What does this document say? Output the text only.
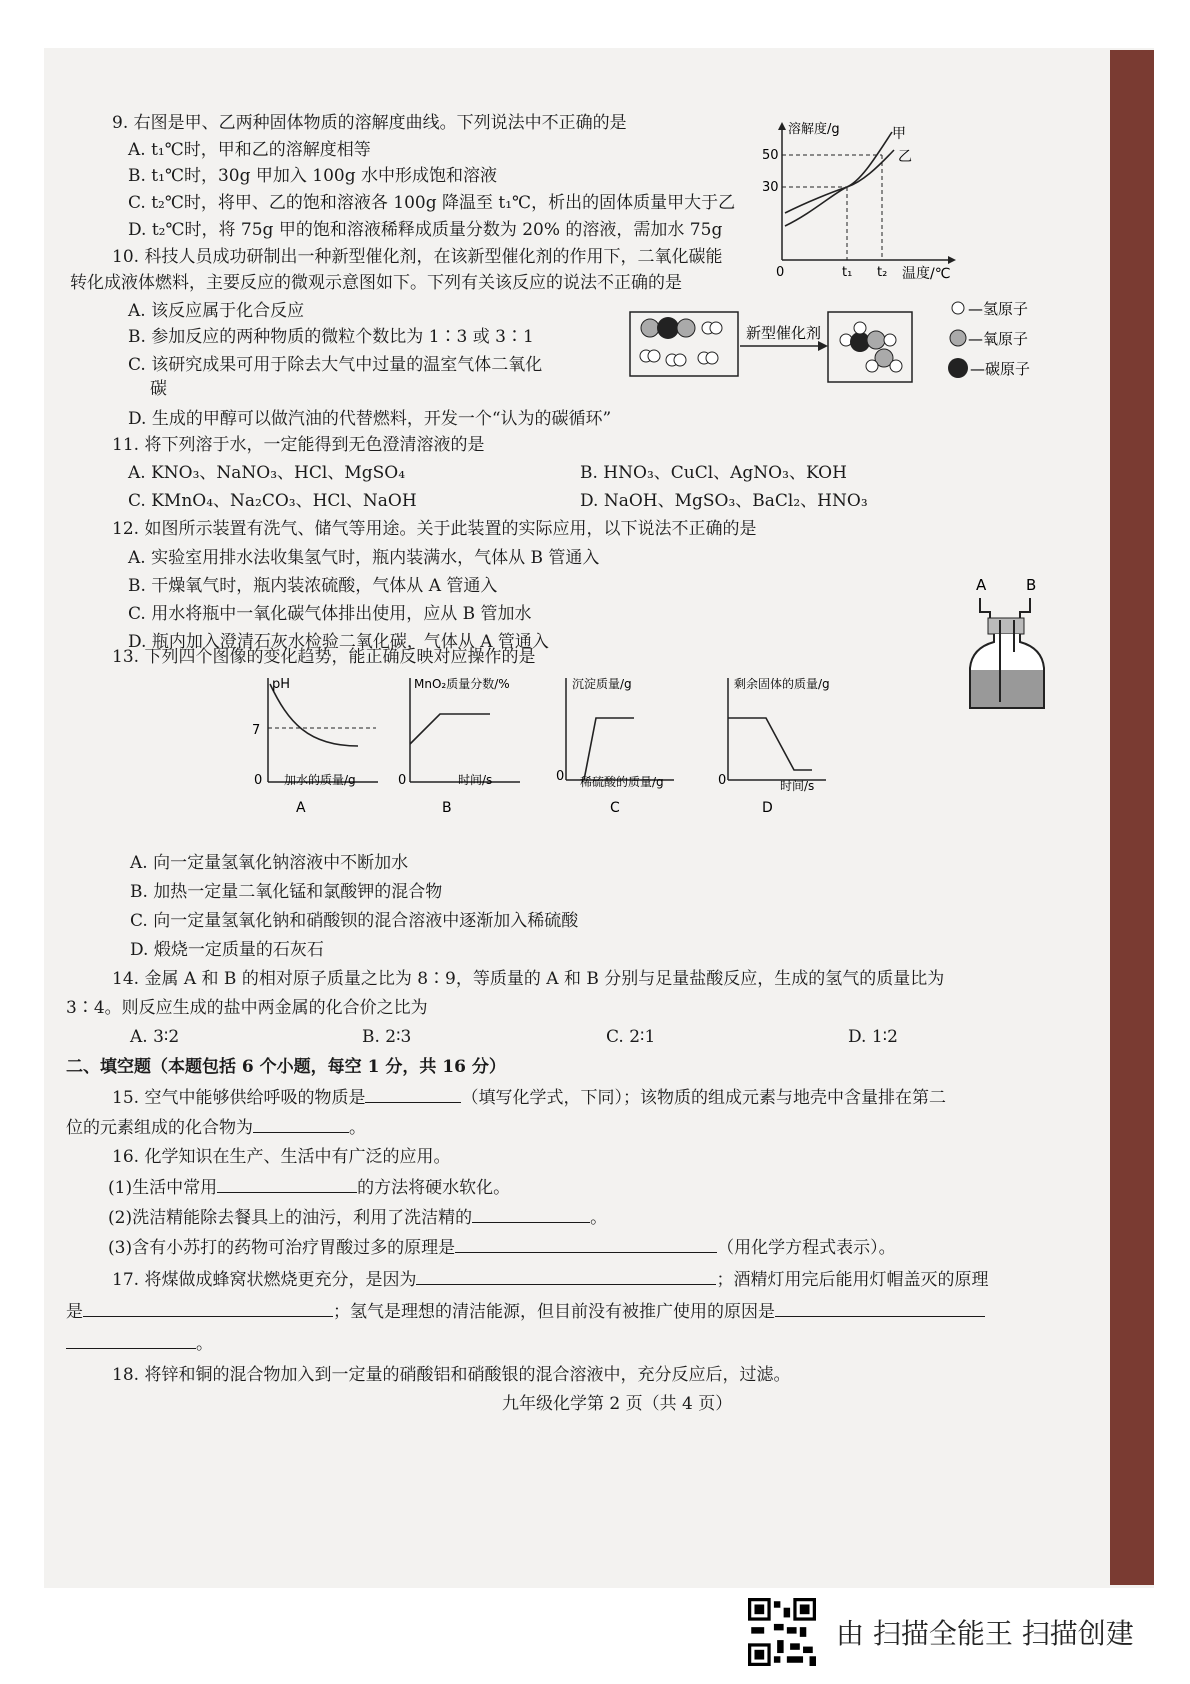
9. 右图是甲、乙两种固体物质的溶解度曲线。下列说法中不正确的是
A. t₁℃时，甲和乙的溶解度相等
B. t₁℃时，30g 甲加入 100g 水中形成饱和溶液
C. t₂℃时，将甲、乙的饱和溶液各 100g 降温至 t₁℃，析出的固体质量甲大于乙
D. t₂℃时，将 75g 甲的饱和溶液稀释成质量分数为 20% 的溶液，需加水 75g
溶解度/g
50
30
0	t₁ t₂ 温度/℃
甲
乙
10. 科技人员成功研制出一种新型催化剂，在该新型催化剂的作用下，二氧化碳能
转化成液体燃料，主要反应的微观示意图如下。下列有关该反应的说法不正确的是
A. 该反应属于化合反应
B. 参加反应的两种物质的微粒个数比为 1∶3 或 3∶1
C. 该研究成果可用于除去大气中过量的温室气体二氧化
碳
D. 生成的甲醇可以做汽油的代替燃料，开发一个“认为的碳循环”
新型催化剂
—氢原子
—氧原子
—碳原子
11. 将下列溶于水，一定能得到无色澄清溶液的是
A. KNO₃、NaNO₃、HCl、MgSO₄	B. HNO₃、CuCl、AgNO₃、KOH
C. KMnO₄、Na₂CO₃、HCl、NaOH	D. NaOH、MgSO₃、BaCl₂、HNO₃
12. 如图所示装置有洗气、储气等用途。关于此装置的实际应用，以下说法不正确的是
A. 实验室用排水法收集氢气时，瓶内装满水，气体从 B 管通入
B. 干燥氧气时，瓶内装浓硫酸，气体从 A 管通入
C. 用水将瓶中一氧化碳气体排出使用，应从 B 管加水
D. 瓶内加入澄清石灰水检验二氧化碳，气体从 A 管通入
A	B
13. 下列四个图像的变化趋势，能正确反映对应操作的是
pH
7
0 加水的质量/g
A
MnO₂质量分数/%
0	时间/s
B
沉淀质量/g
0 稀硫酸的质量/g
C
剩余固体的质量/g
0	时间/s
D
A. 向一定量氢氧化钠溶液中不断加水
B. 加热一定量二氧化锰和氯酸钾的混合物
C. 向一定量氢氧化钠和硝酸钡的混合溶液中逐渐加入稀硫酸
D. 煅烧一定质量的石灰石
14. 金属 A 和 B 的相对原子质量之比为 8∶9，等质量的 A 和 B 分别与足量盐酸反应，生成的氢气的质量比为
3∶4。则反应生成的盐中两金属的化合价之比为
A. 3∶2	B. 2∶3	C. 2∶1	D. 1∶2
二、填空题（本题包括 6 个小题，每空 1 分，共 16 分）
15. 空气中能够供给呼吸的物质是	（填写化学式，下同）；该物质的组成元素与地壳中含量排在第二
位的元素组成的化合物为	。
16. 化学知识在生产、生活中有广泛的应用。
(1)生活中常用	的方法将硬水软化。
(2)洗洁精能除去餐具上的油污，利用了洗洁精的	。
(3)含有小苏打的药物可治疗胃酸过多的原理是	（用化学方程式表示）。
17. 将煤做成蜂窝状燃烧更充分，是因为	；酒精灯用完后能用灯帽盖灭的原理
是	；氢气是理想的清洁能源，但目前没有被推广使用的原因是
。
18. 将锌和铜的混合物加入到一定量的硝酸铝和硝酸银的混合溶液中，充分反应后，过滤。
九年级化学第 2 页（共 4 页）
由 扫描全能王 扫描创建
